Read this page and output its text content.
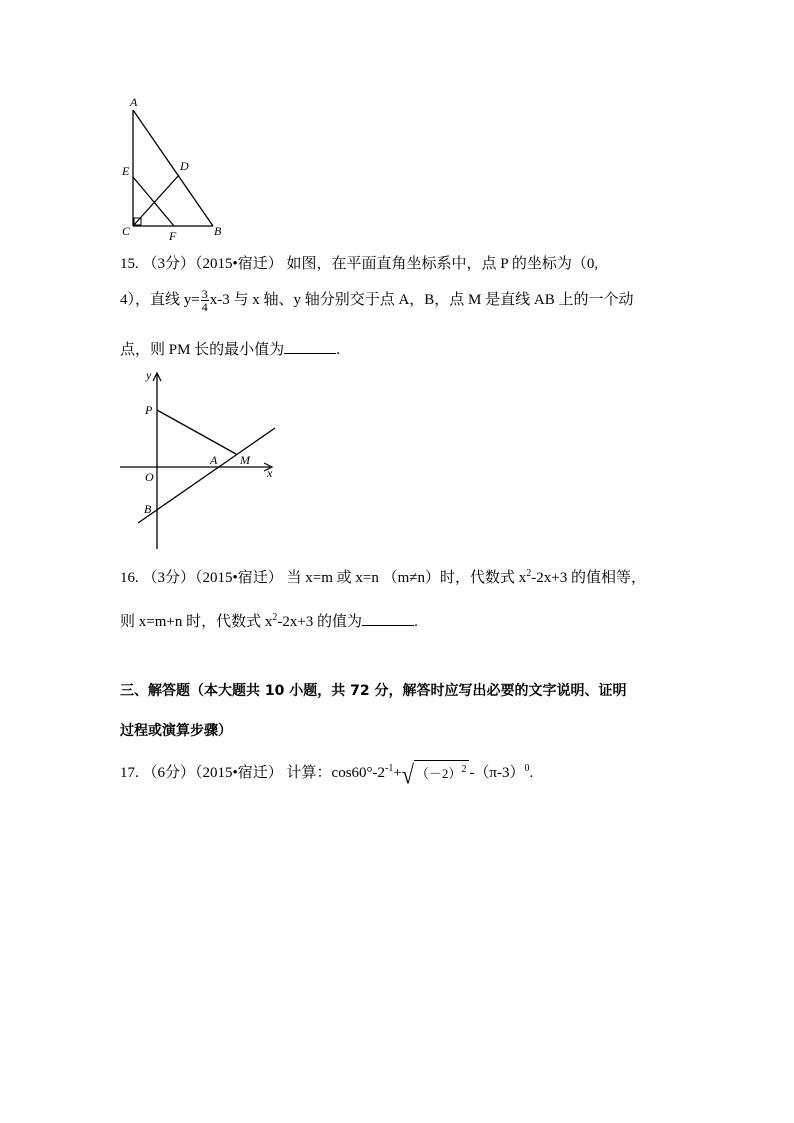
A
D
E
C	F	B
15. （3分）（2015•宿迁） 如图，在平面直角坐标系中，点 P 的坐标为（0,
4），直线 $y= \frac{3}{4} x-3$ 与 x 轴、y 轴分别交于点 A，B，点 M 是直线 AB 上的一个动
点，则 PM 长的最小值为	.
y
P
O
A M
x
B
16. （3分）（2015•宿迁） 当 x=m 或 x=n （m≠n）时，代数式 $x^2-2x+3$ 的值相等，
则 x=m+n 时，代数式 $x^2-2x+3$ 的值为	.
三、解答题（本大题共 10 小题，共 72 分，解答时应写出必要的文字说明、证明
过程或演算步骤）
17. （6分）（2015•宿迁） 计算：$\cos 60^\circ-2^{-1}+√$ $(-2)^2$ $-(\pi-3)^0$.
